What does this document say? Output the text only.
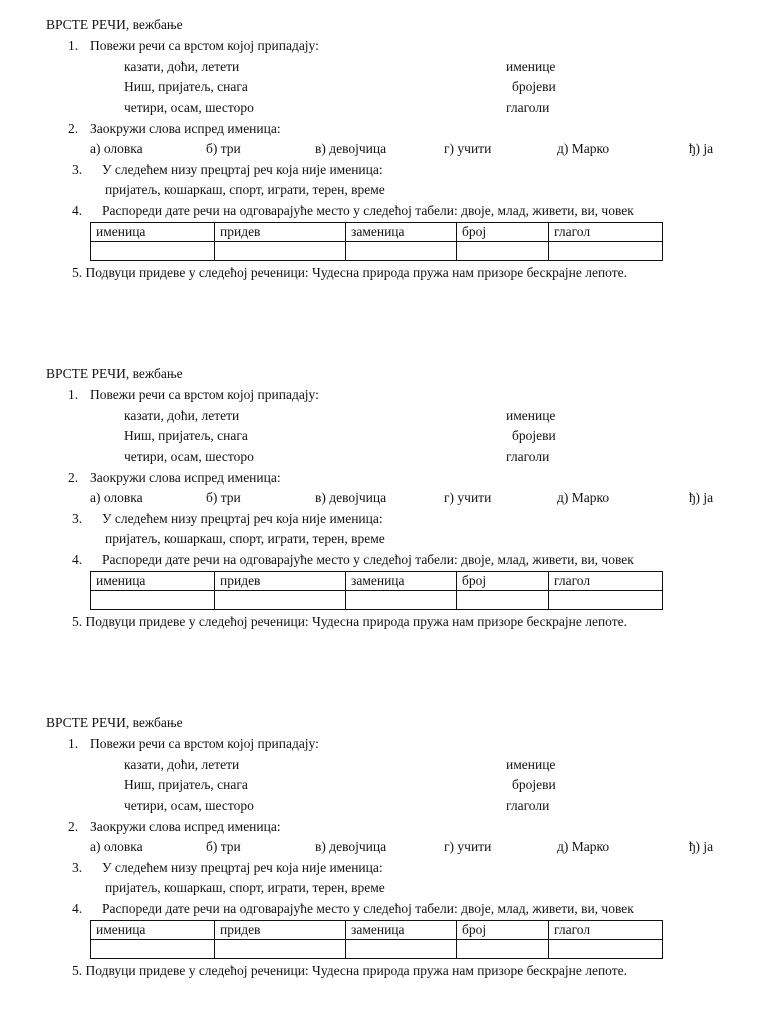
ВРСТЕ РЕЧИ, вежбање
1. Повежи речи са врстом којој припадају:
казати, доћи, летети
Ниш, пријатељ, снага
четири, осам, шесторо
именице
бројеви
глаголи
2. Заокружи слова испред именица:
а) оловка	б) три	в) девојчица	г) учити	д) Марко	ђ) ја
3. У следећем низу прецртај реч која није именица:
пријатељ, кошаркаш, спорт, играти, терен, време
4. Распореди дате речи на одговарајуће место у следећој табели: двоје, млад, живети, ви, човек
именица	придев	заменица	број	глагол

5. Подвуци придеве у следећој реченици: Чудесна природа пружа нам призоре бескрајне лепоте.
ВРСТЕ РЕЧИ, вежбање
1. Повежи речи са врстом којој припадају:
казати, доћи, летети
Ниш, пријатељ, снага
четири, осам, шесторо
именице
бројеви
глаголи
2. Заокружи слова испред именица:
а) оловка	б) три	в) девојчица	г) учити	д) Марко	ђ) ја
3. У следећем низу прецртај реч која није именица:
пријатељ, кошаркаш, спорт, играти, терен, време
4. Распореди дате речи на одговарајуће место у следећој табели: двоје, млад, живети, ви, човек
именица	придев	заменица	број	глагол

5. Подвуци придеве у следећој реченици: Чудесна природа пружа нам призоре бескрајне лепоте.
ВРСТЕ РЕЧИ, вежбање
1. Повежи речи са врстом којој припадају:
казати, доћи, летети
Ниш, пријатељ, снага
четири, осам, шесторо
именице
бројеви
глаголи
2. Заокружи слова испред именица:
а) оловка	б) три	в) девојчица	г) учити	д) Марко	ђ) ја
3. У следећем низу прецртај реч која није именица:
пријатељ, кошаркаш, спорт, играти, терен, време
4. Распореди дате речи на одговарајуће место у следећој табели: двоје, млад, живети, ви, човек
именица	придев	заменица	број	глагол

5. Подвуци придеве у следећој реченици: Чудесна природа пружа нам призоре бескрајне лепоте.
